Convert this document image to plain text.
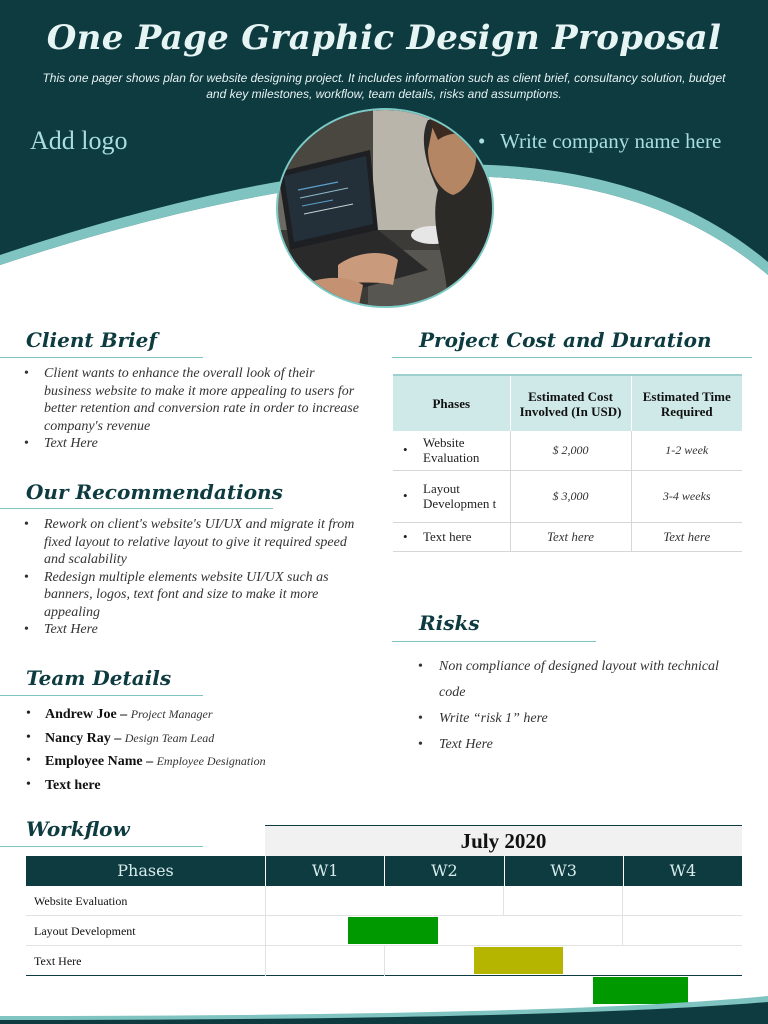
One Page Graphic Design Proposal
This one pager shows plan for website designing project. It includes information such as client brief, consultancy solution, budget and key milestones, workflow, team details, risks and assumptions.
Add logo	• Write company name here
Client Brief
• Client wants to enhance the overall look of their business website to make it more appealing to users for better retention and conversion rate in order to increase company's revenue
• Text Here
Our Recommendations
• Rework on client's website's UI/UX and migrate it from fixed layout to relative layout to give it required speed and scalability
• Redesign multiple elements website UI/UX such as banners, logos, text font and size to make it more appealing
• Text Here
Team Details
• Andrew Joe – Project Manager
• Nancy Ray – Design Team Lead
• Employee Name – Employee Designation
• Text here
Project Cost and Duration
Phases	Estimated Cost Involved (In USD)	Estimated Time Required

• Website Evaluation	$ 2,000	1-2 week

• Layout Developmen t	$ 3,000	3-4 weeks

• Text here	Text here	Text here
Risks
• Non compliance of designed layout with technical code
• Write “risk 1” here
• Text Here
Workflow	July 2020
Phases	W1	W2	W3	W4
Website Evaluation
Layout Development
Text Here
